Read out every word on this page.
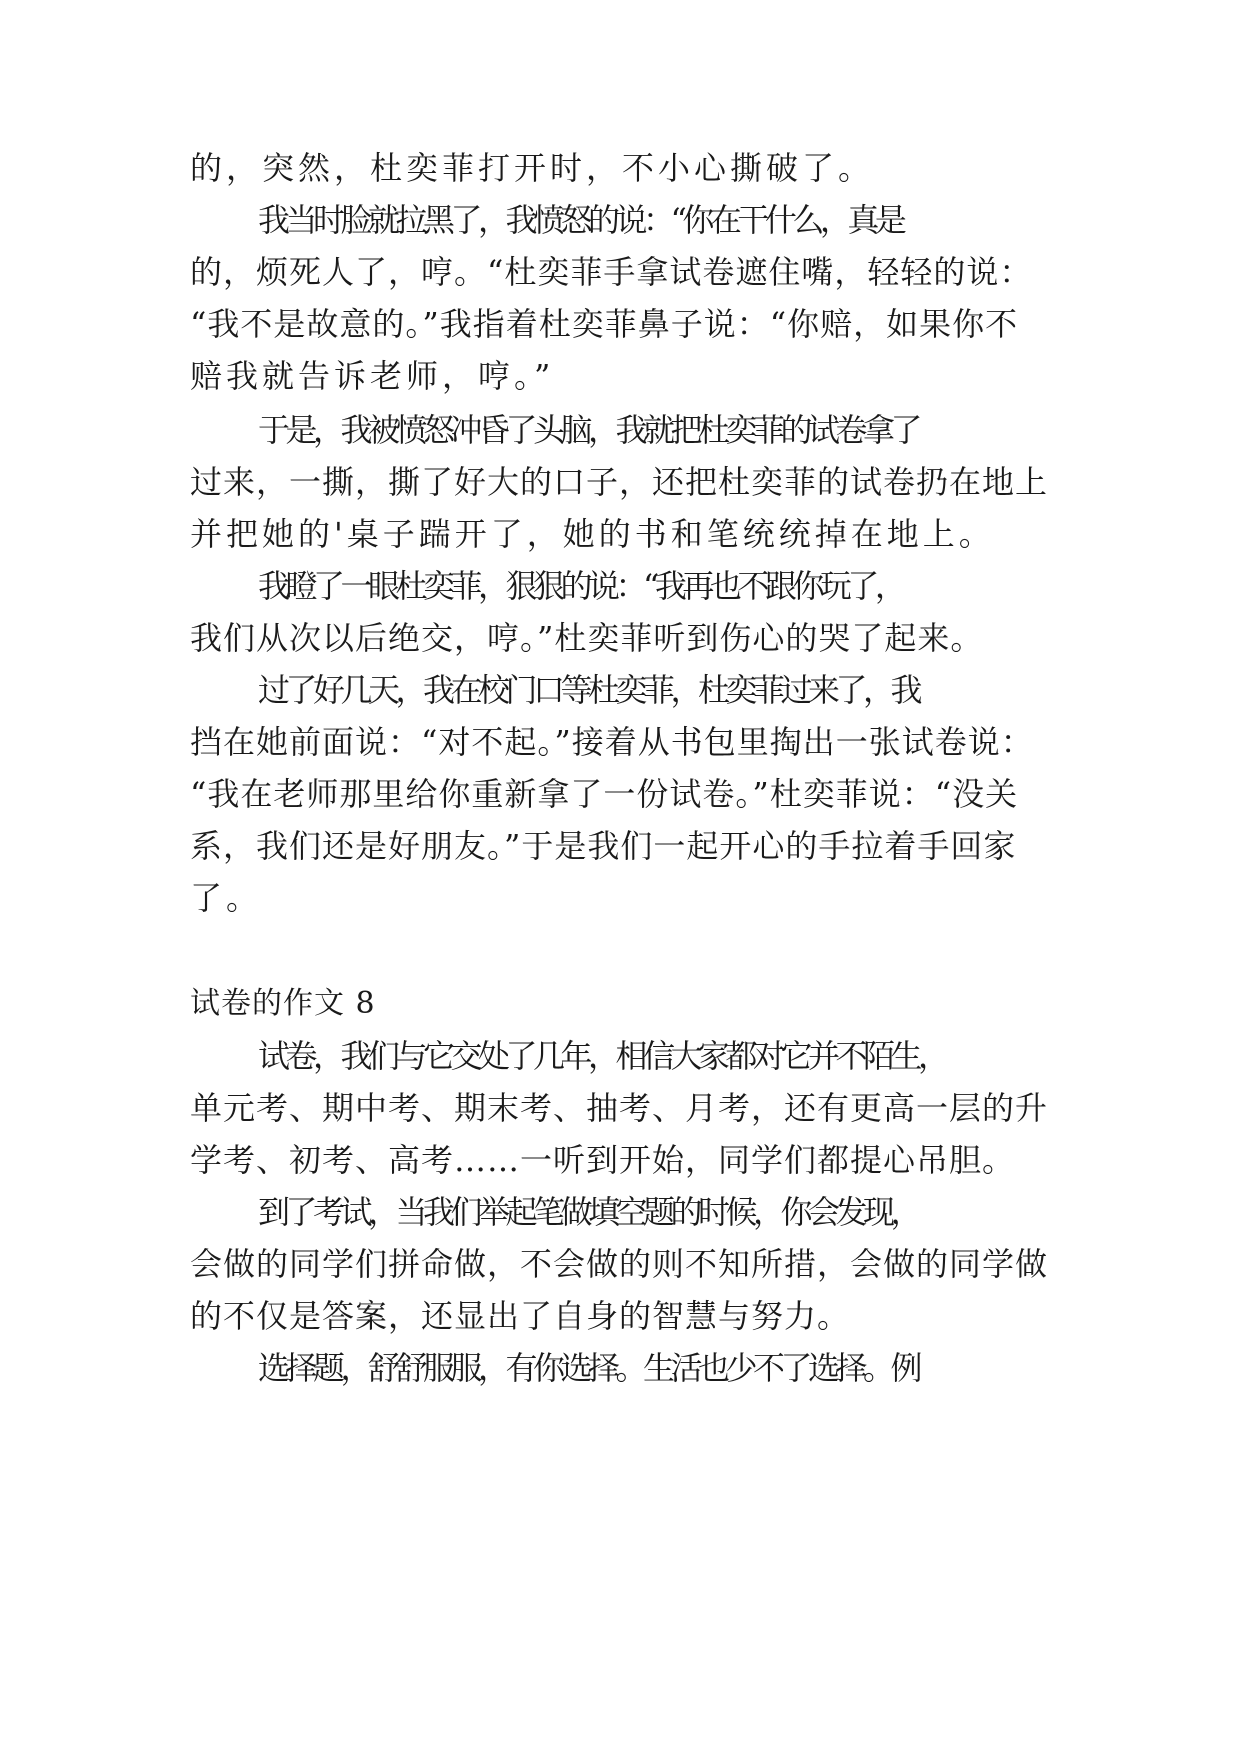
的，突然，杜奕菲打开时，不小心撕破了。
我当时脸就拉黑了，我愤怒的说：“你在干什么，真是
的，烦死人了，哼。“杜奕菲手拿试卷遮住嘴，轻轻的说：
“我不是故意的。”我指着杜奕菲鼻子说：“你赔，如果你不
赔我就告诉老师，哼。”
于是，我被愤怒冲昏了头脑，我就把杜奕菲的试卷拿了
过来，一撕，撕了好大的口子，还把杜奕菲的试卷扔在地上
并把她的'桌子踹开了，她的书和笔统统掉在地上。
我瞪了一眼杜奕菲，狠狠的说：“我再也不跟你玩了，
我们从次以后绝交，哼。”杜奕菲听到伤心的哭了起来。
过了好几天，我在校门口等杜奕菲，杜奕菲过来了，我
挡在她前面说：“对不起。”接着从书包里掏出一张试卷说：
“我在老师那里给你重新拿了一份试卷。”杜奕菲说：“没关
系，我们还是好朋友。”于是我们一起开心的手拉着手回家
了。
试卷的作文 8
试卷，我们与它交处了几年，相信大家都对它并不陌生，
单元考、期中考、期末考、抽考、月考，还有更高一层的升
学考、初考、高考……一听到开始，同学们都提心吊胆。
到了考试，当我们举起笔做填空题的时候，你会发现，
会做的同学们拼命做，不会做的则不知所措，会做的同学做
的不仅是答案，还显出了自身的智慧与努力。
选择题，舒舒服服，有你选择。生活也少不了选择。例
